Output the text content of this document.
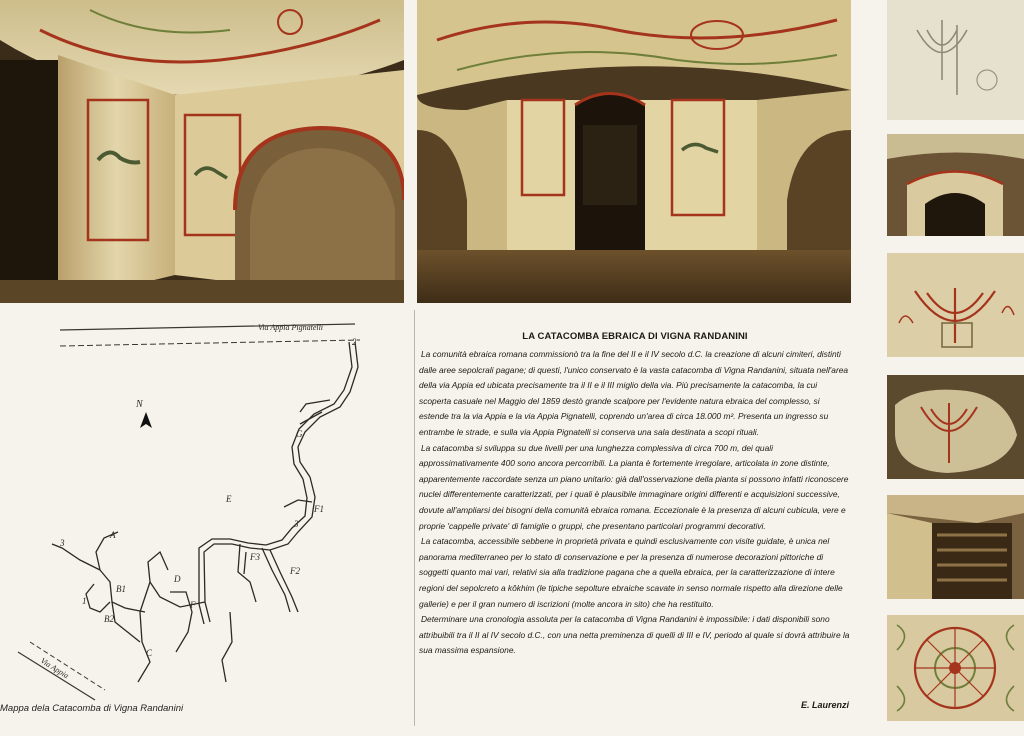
Via Appia Pignatelli
N
Via Appia
2
3
3
1
A
B1
B2
C
D
E
F
F1
F2
F3
G
Mappa dela Catacomba di Vigna Randanini
LA CATACOMBA EBRAICA DI VIGNA RANDANINI

La comunità ebraica romana commissionò tra la fine del II e il IV secolo d.C. la creazione di alcuni cimiteri, distinti dalle aree sepolcrali pagane; di questi, l'unico conservato è la vasta catacomba di Vigna Randanini, situata nell'area della via Appia ed ubicata precisamente tra il II e il III miglio della via. Più precisamente la catacomba, la cui scoperta casuale nel Maggio del 1859 destò grande scalpore per l'evidente natura ebraica del complesso, si estende tra la via Appia e la via Appia Pignatelli, coprendo un'area di circa 18.000 m². Presenta un ingresso su entrambe le strade, e sulla via Appia Pignatelli si conserva una sala destinata a scopi rituali.

La catacomba si sviluppa su due livelli per una lunghezza complessiva di circa 700 m, dei quali approssimativamente 400 sono ancora percorribili. La pianta è fortemente irregolare, articolata in zone distinte, apparentemente raccordate senza un piano unitario: già dall'osservazione della pianta si possono infatti riconoscere nuclei differentemente caratterizzati, per i quali è plausibile immaginare origini differenti e acquisizioni successive, dovute all'ampliarsi dei bisogni della comunità ebraica romana. Eccezionale è la presenza di alcuni cubicula, vere e proprie 'cappelle private' di famiglie o gruppi, che presentano particolari programmi decorativi.

La catacomba, accessibile sebbene in proprietà privata e quindi esclusivamente con visite guidate, è unica nel panorama mediterraneo per lo stato di conservazione e per la presenza di numerose decorazioni pittoriche di soggetti quanto mai vari, relativi sia alla tradizione pagana che a quella ebraica, per la caratterizzazione di intere regioni del sepolcreto a kôkhim (le tipiche sepolture ebraiche scavate in senso normale rispetto alla direzione delle gallerie) e per il gran numero di iscrizioni (molte ancora in sito) che ha restituito.

Determinare una cronologia assoluta per la catacomba di Vigna Randanini è impossibile: i dati disponibili sono attribuibili tra il II al IV secolo d.C., con una netta preminenza di quelli di III e IV, periodo al quale si dovrà attribuire la sua massima espansione.

E. Laurenzi
